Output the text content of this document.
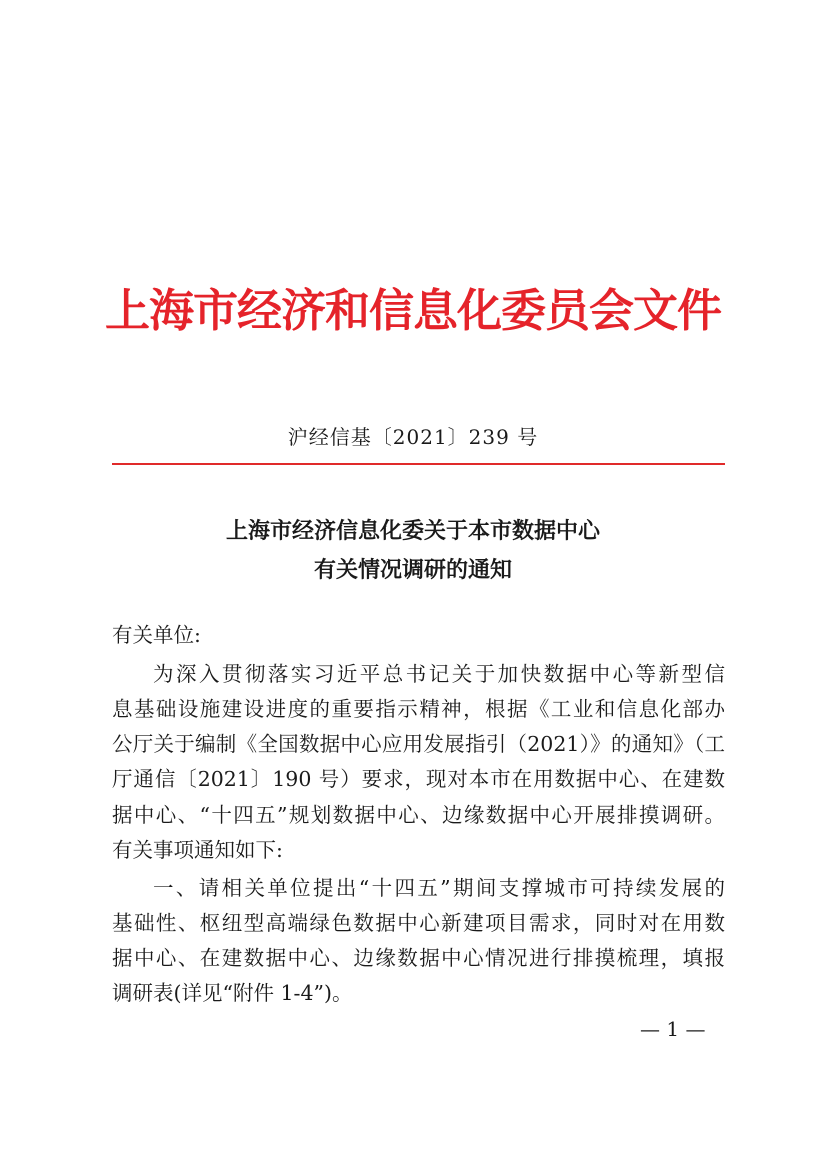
上海市经济和信息化委员会文件
沪经信基〔2021〕239 号
上海市经济信息化委关于本市数据中心
有关情况调研的通知
有关单位:
为深入贯彻落实习近平总书记关于加快数据中心等新型信
息基础设施建设进度的重要指示精神，根据《工业和信息化部办
公厅关于编制《全国数据中心应用发展指引（2021）》的通知》（工
厅通信〔2021〕190 号）要求，现对本市在用数据中心、在建数
据中心、“十四五”规划数据中心、边缘数据中心开展排摸调研。
有关事项通知如下:
一、请相关单位提出“十四五”期间支撑城市可持续发展的
基础性、枢纽型高端绿色数据中心新建项目需求，同时对在用数
据中心、在建数据中心、边缘数据中心情况进行排摸梳理，填报
调研表(详见“附件 1-4”)。
— 1 —
